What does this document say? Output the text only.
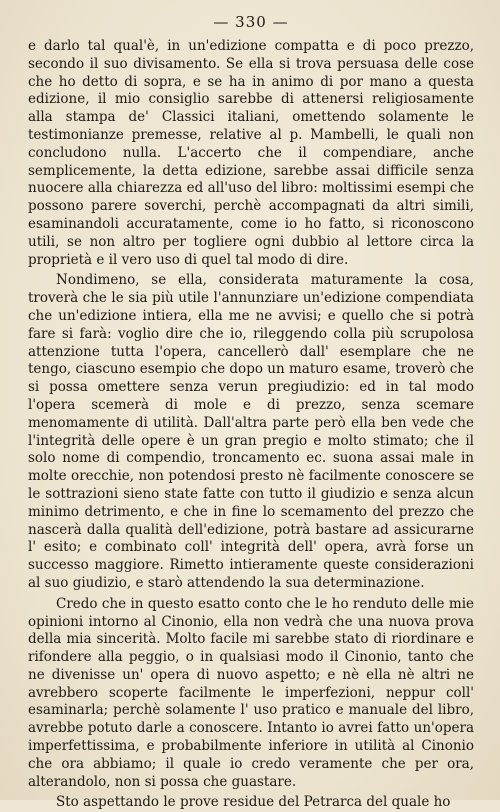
— 330 —

e darlo tal qual'è, in un'edizione compatta e di poco prezzo, secondo il suo divisamento. Se ella si trova persuasa delle cose che ho detto di sopra, e se ha in animo di por mano a questa edizione, il mio consiglio sarebbe di attenersi religiosamente alla stampa de' Classici italiani, omettendo solamente le testimonianze premesse, relative al p. Mambelli, le quali non concludono nulla. L'accerto che il compendiare, anche semplicemente, la detta edizione, sarebbe assai difficile senza nuocere alla chiarezza ed all'uso del libro: moltissimi esempi che possono parere soverchi, perchè accompagnati da altri simili, esaminandoli accuratamente, come io ho fatto, si riconoscono utili, se non altro per togliere ogni dubbio al lettore circa la proprietà e il vero uso di quel tal modo di dire.

Nondimeno, se ella, considerata maturamente la cosa, troverà che le sia più utile l'annunziare un'edizione compendiata che un'edizione intiera, ella me ne avvisi; e quello che si potrà fare si farà: voglio dire che io, rileggendo colla più scrupolosa attenzione tutta l'opera, cancellerò dall' esemplare che ne tengo, ciascuno esempio che dopo un maturo esame, troverò che si possa omettere senza verun pregiudizio: ed in tal modo l'opera scemerà di mole e di prezzo, senza scemare menomamente di utilità. Dall'altra parte però ella ben vede che l'integrità delle opere è un gran pregio e molto stimato; che il solo nome di compendio, troncamento ec. suona assai male in molte orecchie, non potendosi presto nè facilmente conoscere se le sottrazioni sieno state fatte con tutto il giudizio e senza alcun minimo detrimento, e che in fine lo scemamento del prezzo che nascerà dalla qualità dell'edizione, potrà bastare ad assicurarne l' esito; e combinato coll' integrità dell' opera, avrà forse un successo maggiore. Rimetto intieramente queste considerazioni al suo giudizio, e starò attendendo la sua determinazione.

Credo che in questo esatto conto che le ho renduto delle mie opinioni intorno al Cinonio, ella non vedrà che una nuova prova della mia sincerità. Molto facile mi sarebbe stato di riordinare e rifondere alla peggio, o in qualsiasi modo il Cinonio, tanto che ne divenisse un' opera di nuovo aspetto; e nè ella nè altri ne avrebbero scoperte facilmente le imperfezioni, neppur coll' esaminarla; perchè solamente l' uso pratico e manuale del libro, avrebbe potuto darle a conoscere. Intanto io avrei fatto un'opera imperfettissima, e probabilmente inferiore in utilità al Cinonio che ora abbiamo; il quale io credo veramente che per ora, alterandolo, non si possa che guastare.

Sto aspettando le prove residue del Petrarca del quale ho
